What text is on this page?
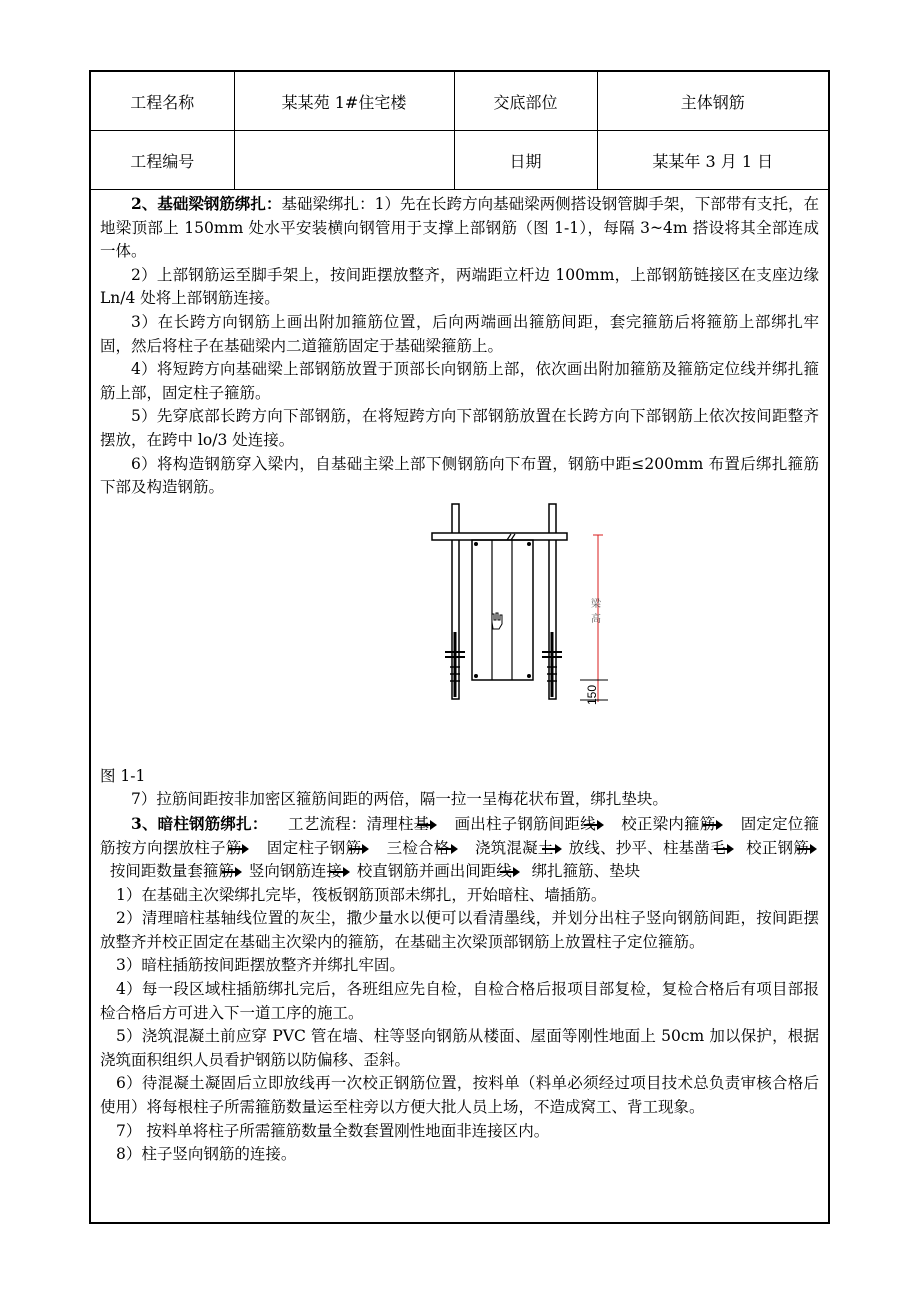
工程名称	某某苑 1#住宅楼	交底部位	主体钢筋
工程编号		日期	某某年 3 月 1 日

2、基础梁钢筋绑扎：基础梁绑扎：1）先在长跨方向基础梁两侧搭设钢管脚手架，下部带有支托，在地梁顶部上 150mm 处水平安装横向钢管用于支撑上部钢筋（图 1-1），每隔 3~4m 搭设将其全部连成一体。

2）上部钢筋运至脚手架上，按间距摆放整齐，两端距立杆边 100mm，上部钢筋链接区在支座边缘 Ln/4 处将上部钢筋连接。

3）在长跨方向钢筋上画出附加箍筋位置，后向两端画出箍筋间距，套完箍筋后将箍筋上部绑扎牢固，然后将柱子在基础梁内二道箍筋固定于基础梁箍筋上。

4）将短跨方向基础梁上部钢筋放置于顶部长向钢筋上部，依次画出附加箍筋及箍筋定位线并绑扎箍筋上部，固定柱子箍筋。

5）先穿底部长跨方向下部钢筋，在将短跨方向下部钢筋放置在长跨方向下部钢筋上依次按间距整齐摆放，在跨中 lo/3 处连接。

6）将构造钢筋穿入梁内，自基础主梁上部下侧钢筋向下布置，钢筋中距≤200mm 布置后绑扎箍筋下部及构造钢筋。

梁
高
150

图 1-1

7）拉筋间距按非加密区箍筋间距的两倍，隔一拉一呈梅花状布置，绑扎垫块。

3、暗柱钢筋绑扎： 工艺流程：清理柱基 画出柱子钢筋间距线 校正梁内箍筋 固定定位箍筋按方向摆放柱子筋 固定柱子钢筋 三检合格 浇筑混凝土 放线、抄平、柱基凿毛 校正钢筋  按间距数量套箍筋 竖向钢筋连接 校直钢筋并画出间距线 绑扎箍筋、垫块

1）在基础主次梁绑扎完毕，筏板钢筋顶部未绑扎，开始暗柱、墙插筋。

2）清理暗柱基轴线位置的灰尘，撒少量水以便可以看清墨线，并划分出柱子竖向钢筋间距，按间距摆放整齐并校正固定在基础主次梁内的箍筋，在基础主次梁顶部钢筋上放置柱子定位箍筋。

3）暗柱插筋按间距摆放整齐并绑扎牢固。

4）每一段区域柱插筋绑扎完后，各班组应先自检，自检合格后报项目部复检，复检合格后有项目部报检合格后方可进入下一道工序的施工。

5）浇筑混凝土前应穿 PVC 管在墙、柱等竖向钢筋从楼面、屋面等刚性地面上 50cm 加以保护，根据浇筑面积组织人员看护钢筋以防偏移、歪斜。

6）待混凝土凝固后立即放线再一次校正钢筋位置，按料单（料单必须经过项目技术总负责审核合格后使用）将每根柱子所需箍筋数量运至柱旁以方便大批人员上场，不造成窝工、背工现象。

7） 按料单将柱子所需箍筋数量全数套置刚性地面非连接区内。

8）柱子竖向钢筋的连接。
